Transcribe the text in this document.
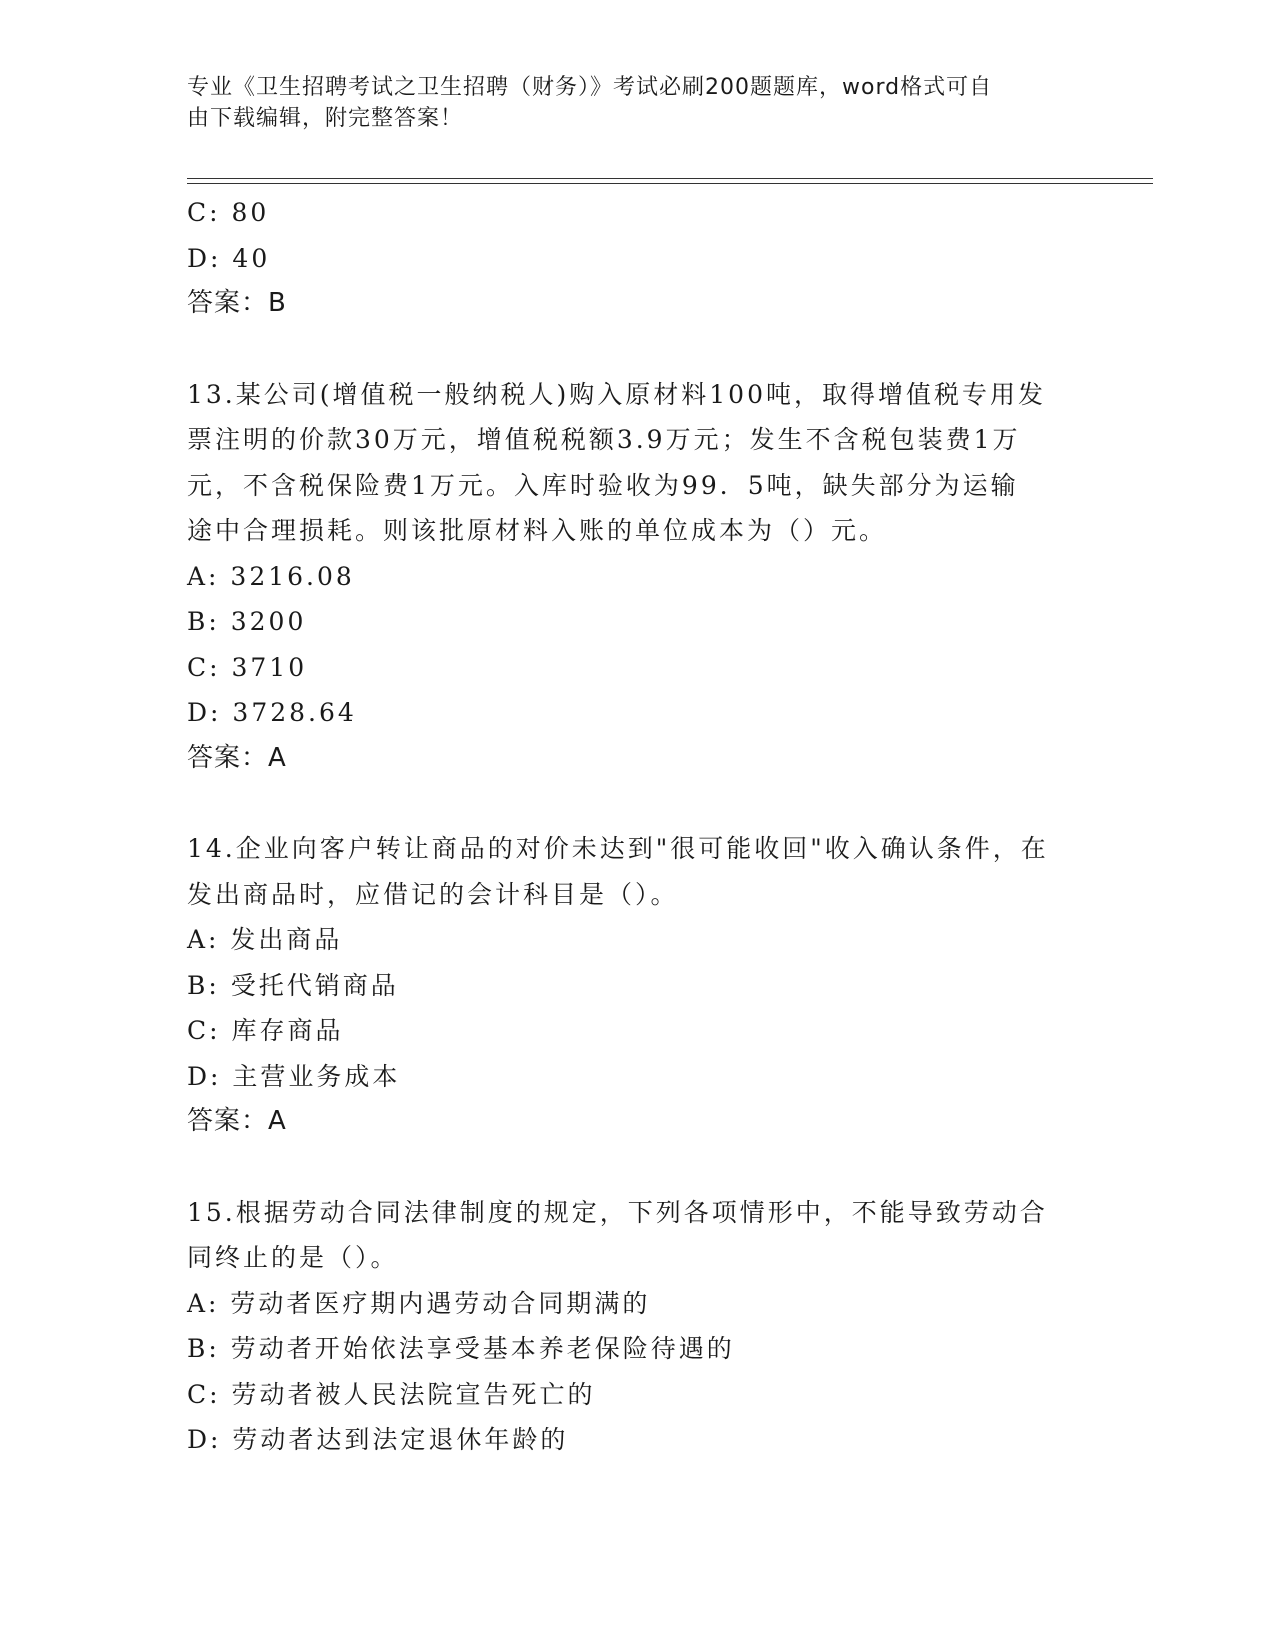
专业《卫生招聘考试之卫生招聘（财务）》考试必刷200题题库，word格式可自
由下载编辑，附完整答案！
C: 80
D: 40
答案：B
13.某公司(增值税一般纳税人)购入原材料100吨，取得增值税专用发
票注明的价款30万元，增值税税额3.9万元；发生不含税包装费1万
元，不含税保险费1万元。入库时验收为99．5吨，缺失部分为运输
途中合理损耗。则该批原材料入账的单位成本为（）元。
A: 3216.08
B: 3200
C: 3710
D: 3728.64
答案：A
14.企业向客户转让商品的对价未达到"很可能收回"收入确认条件，在
发出商品时，应借记的会计科目是（）。
A: 发出商品
B: 受托代销商品
C: 库存商品
D: 主营业务成本
答案：A
15.根据劳动合同法律制度的规定，下列各项情形中，不能导致劳动合
同终止的是（）。
A: 劳动者医疗期内遇劳动合同期满的
B: 劳动者开始依法享受基本养老保险待遇的
C: 劳动者被人民法院宣告死亡的
D: 劳动者达到法定退休年龄的
